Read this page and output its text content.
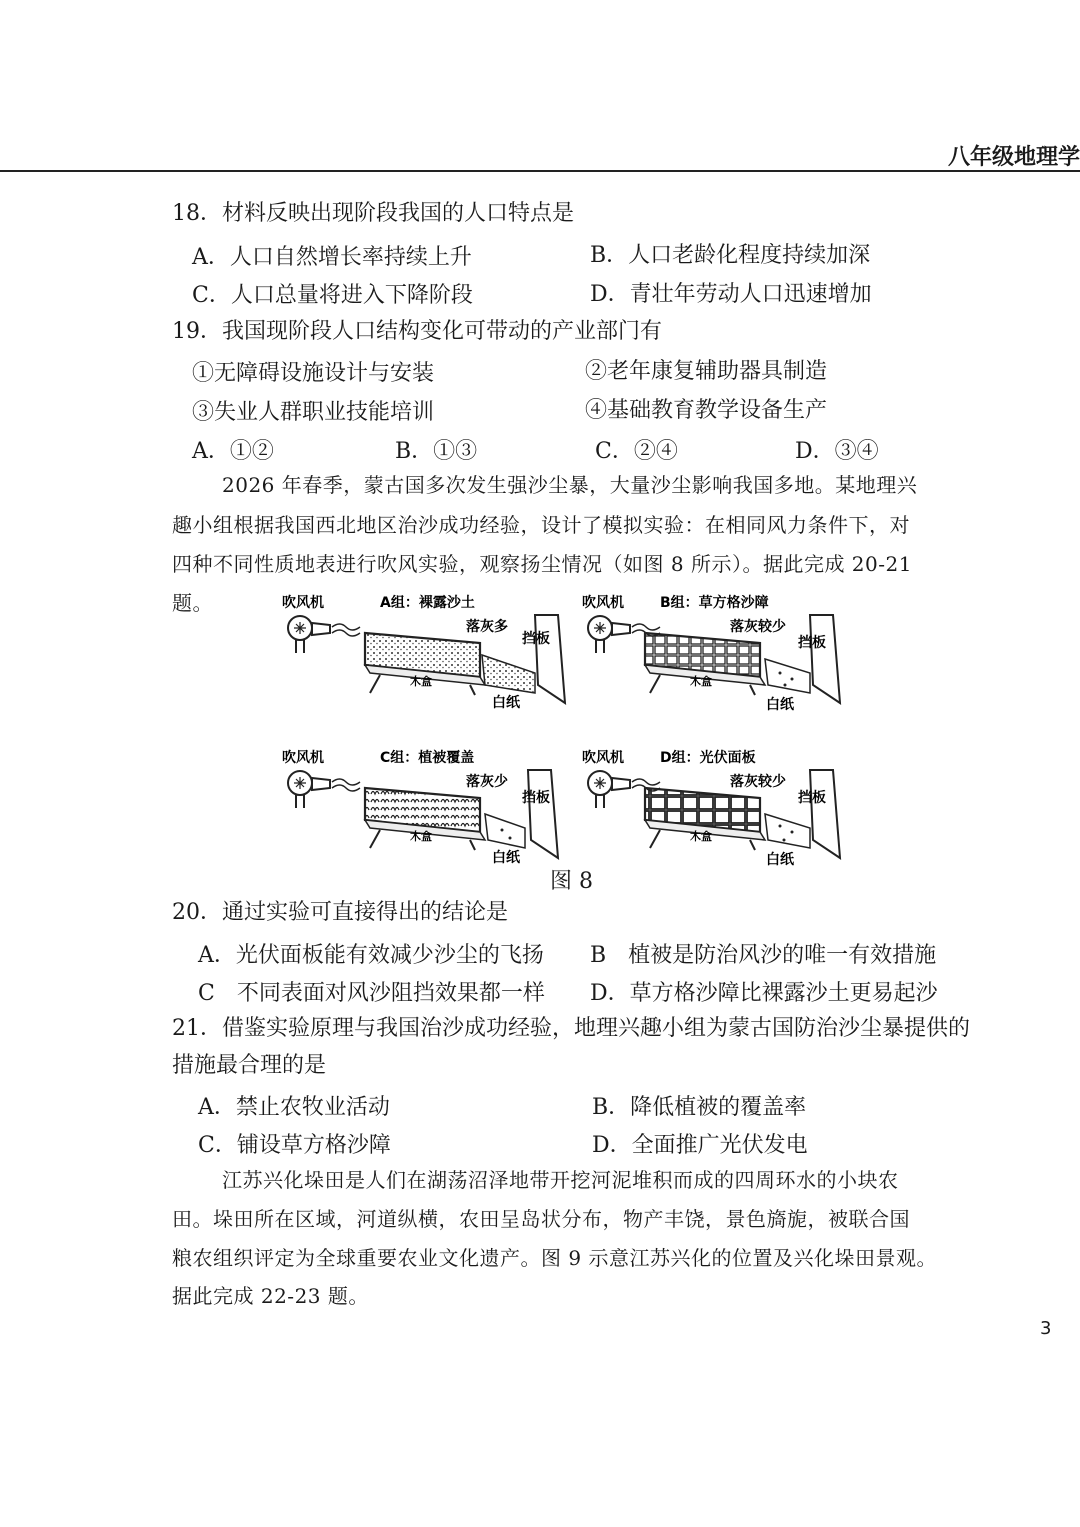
八年级地理学
18．材料反映出现阶段我国的人口特点是
A．人口自然增长率持续上升	B．人口老龄化程度持续加深
C．人口总量将进入下降阶段	D．青壮年劳动人口迅速增加
19．我国现阶段人口结构变化可带动的产业部门有
①无障碍设施设计与安装	②老年康复辅助器具制造
③失业人群职业技能培训	④基础教育教学设备生产
A．①②	B．①③	C．②④	D．③④
2026 年春季，蒙古国多次发生强沙尘暴，大量沙尘影响我国多地。某地理兴
趣小组根据我国西北地区治沙成功经验，设计了模拟实验：在相同风力条件下，对
四种不同性质地表进行吹风实验，观察扬尘情况（如图 8 所示）。据此完成 20-21
题。	吹风机	A组：裸露沙土
落灰多
挡板
木盒
白纸
吹风机	B组：草方格沙障
落灰较少
挡板
木盒
白纸
吹风机	C组：植被覆盖
落灰少
挡板
木盒
白纸
吹风机	D组：光伏面板
落灰较少
挡板
木盒
白纸
图 8
20．通过实验可直接得出的结论是
A．光伏面板能有效减少沙尘的飞扬 B　植被是防治风沙的唯一有效措施
C　不同表面对风沙阻挡效果都一样 D．草方格沙障比裸露沙土更易起沙
21．借鉴实验原理与我国治沙成功经验，地理兴趣小组为蒙古国防治沙尘暴提供的
措施最合理的是
A．禁止农牧业活动	B．降低植被的覆盖率
C．铺设草方格沙障	D．全面推广光伏发电
江苏兴化垛田是人们在湖荡沼泽地带开挖河泥堆积而成的四周环水的小块农
田。垛田所在区域，河道纵横，农田呈岛状分布，物产丰饶，景色旖旎，被联合国
粮农组织评定为全球重要农业文化遗产。图 9 示意江苏兴化的位置及兴化垛田景观。
据此完成 22-23 题。
3
